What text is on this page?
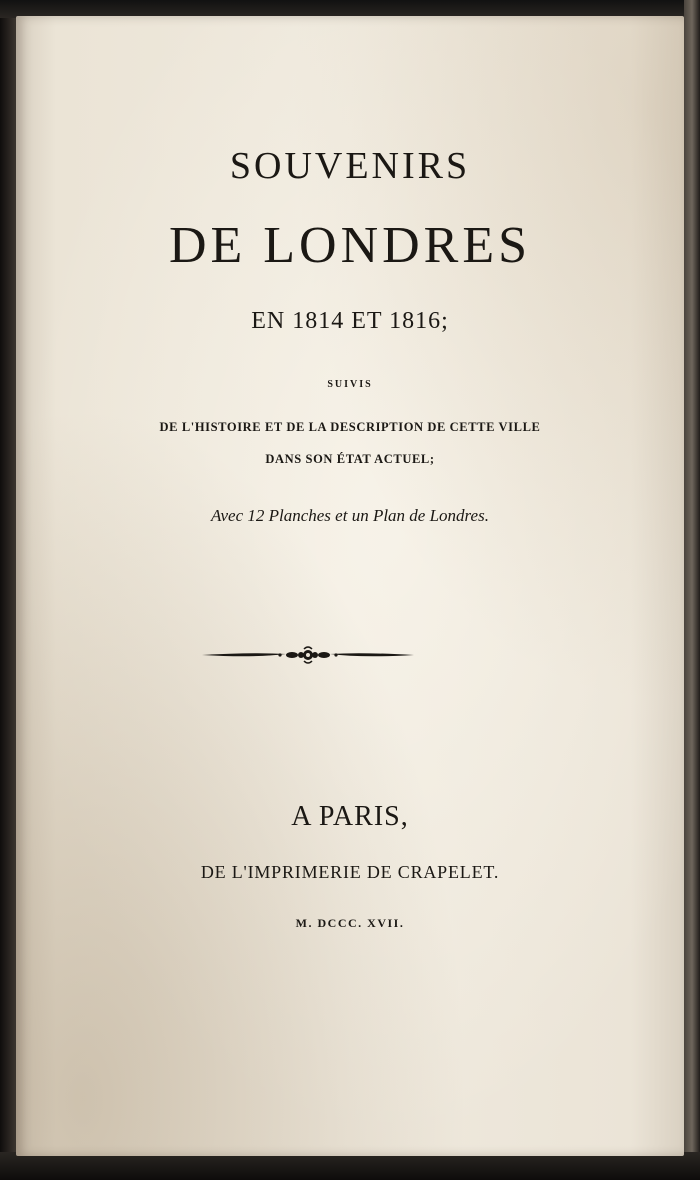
SOUVENIRS

DE LONDRES

EN 1814 ET 1816;

SUIVIS

DE L'HISTOIRE ET DE LA DESCRIPTION DE CETTE VILLE

DANS SON ÉTAT ACTUEL;

Avec 12 Planches et un Plan de Londres.

A PARIS,

DE L'IMPRIMERIE DE CRAPELET.

M. DCCC. XVII.
